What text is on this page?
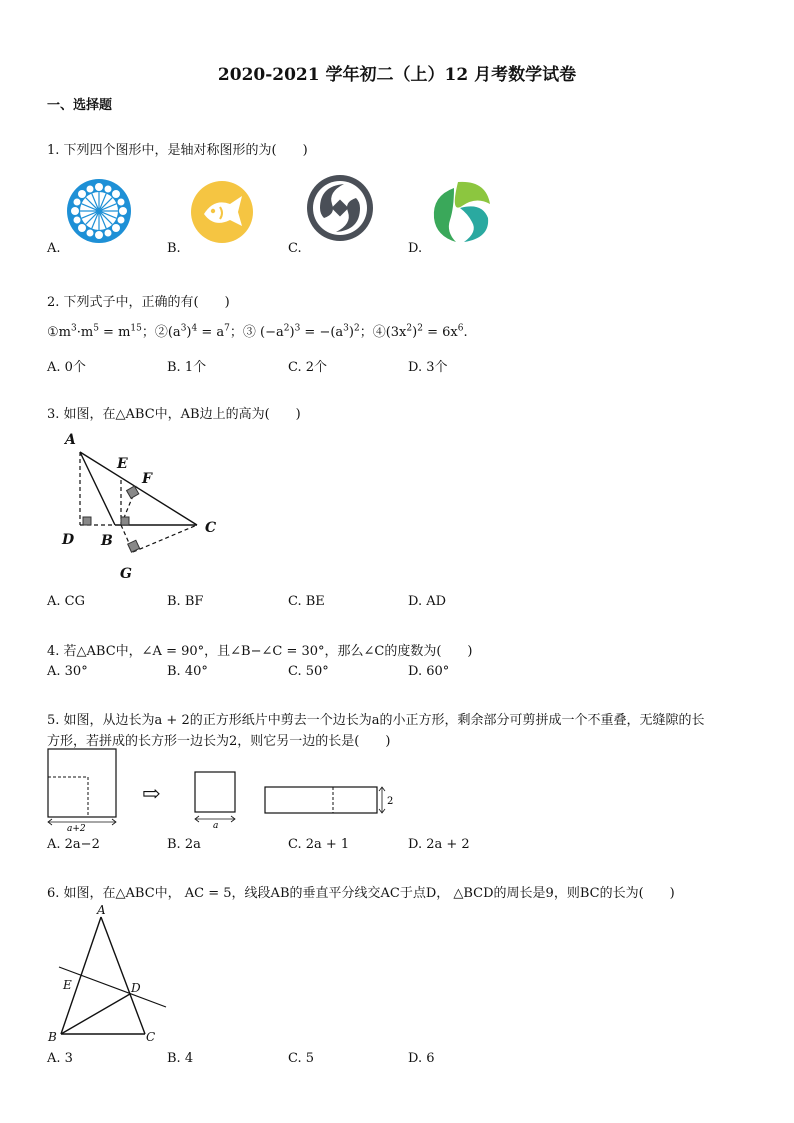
2020-2021 学年初二（上）12 月考数学试卷
一、选择题
1. 下列四个图形中，是轴对称图形的为(　　)
A.	B.	C.	D.
2. 下列式子中，正确的有(　　)
$①m^3\cdot m^5 = m^{15}$；$②(a^3)^4 = a^7$；③ $(-a^2)^3 = -(a^3)^2$；$④(3x^2)^2 = 6x^6$.
A. 0个	B. 1个	C. 2个	D. 3个
3. 如图，在△ABC中，AB边上的高为(　　)
A
E
F
D B
C
G
A. CG	B. BF	C. BE	D. AD
4. 若△ABC中，∠A = 90°，且∠B−∠C = 30°，那么∠C的度数为(　　)
A. 30°	B. 40°	C. 50°	D. 60°
5. 如图，从边长为a + 2的正方形纸片中剪去一个边长为a的小正方形，剩余部分可剪拼成一个不重叠，无缝隙的长
方形，若拼成的长方形一边长为2，则它另一边的长是(　　)
a+2
⇨
a
2
A. 2a−2	B. 2a	C. 2a + 1	D. 2a + 2
6. 如图，在△ABC中， AC = 5，线段AB的垂直平分线交AC于点D， △BCD的周长是9，则BC的长为(　　)
A
E	D
B	C
A. 3	B. 4	C. 5	D. 6
